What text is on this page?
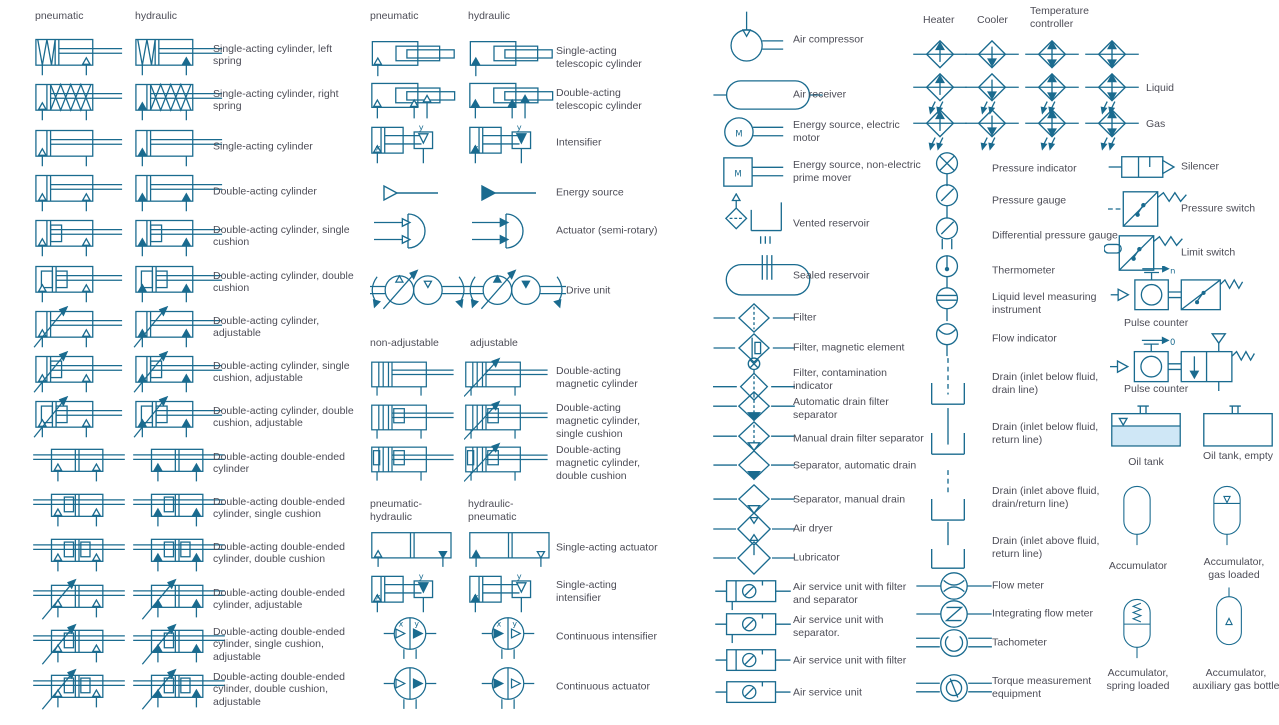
pneumatic	hydraulic
Single-acting cylinder, left spring
Single-acting cylinder, right spring
Single-acting cylinder
Double-acting cylinder
Double-acting cylinder, single cushion
Double-acting cylinder, double cushion
Double-acting cylinder, adjustable
Double-acting cylinder, single cushion, adjustable
Double-acting cylinder, double cushion, adjustable
Double-acting double-ended cylinder
Double-acting double-ended cylinder, single cushion
Double-acting double-ended cylinder, double cushion
Double-acting double-ended cylinder, adjustable
Double-acting double-ended cylinder, single cushion, adjustable
Double-acting double-ended cylinder, double cushion, adjustable
pneumatic	hydraulic
Single-acting telescopic cylinder
Double-acting telescopic cylinder
x
y
x
y
Intensifier
Energy source
Actuator (semi-rotary)
Drive unit
non-adjustable	adjustable
Double-acting magnetic cylinder
Double-acting magnetic cylinder, single cushion
Double-acting magnetic cylinder, double cushion
pneumatic-hydraulic
hydraulic-pneumatic
Single-acting actuator
x
y
x
y
Single-acting intensifier
x y	x y
Continuous intensifier
Continuous actuator
Air compressor
Air receiver
M
Energy source, electric motor
M
Energy source, non-electric prime mover
Vented reservoir
Sealed reservoir
Filter
Filter, magnetic element
Filter, contamination indicator
Automatic drain filter separator
Manual drain filter separator
Separator, automatic drain
Separator, manual drain
Air dryer
Lubricator
Air service unit with filter and separator
Air service unit with separator.
Air service unit with filter
Air service unit
Heater Cooler
Temperature controller
Liquid
Gas
Pressure indicator
Pressure gauge
Differential pressure gauge
Thermometer
Liquid level measuring instrument
Flow indicator
Drain (inlet below fluid, drain line)
Drain (inlet below fluid, return line)
Drain (inlet above fluid, drain/return line)
Drain (inlet above fluid, return line)
Flow meter
Integrating flow meter
Tachometer
Torque measurement equipment
Silencer
Pressure switch
Limit switch
n
Pulse counter
0
Pulse counter
Oil tank	Oil tank, empty
Accumulator	Accumulator, gas loaded
Accumulator, spring loaded
Accumulator, auxiliary gas bottle
